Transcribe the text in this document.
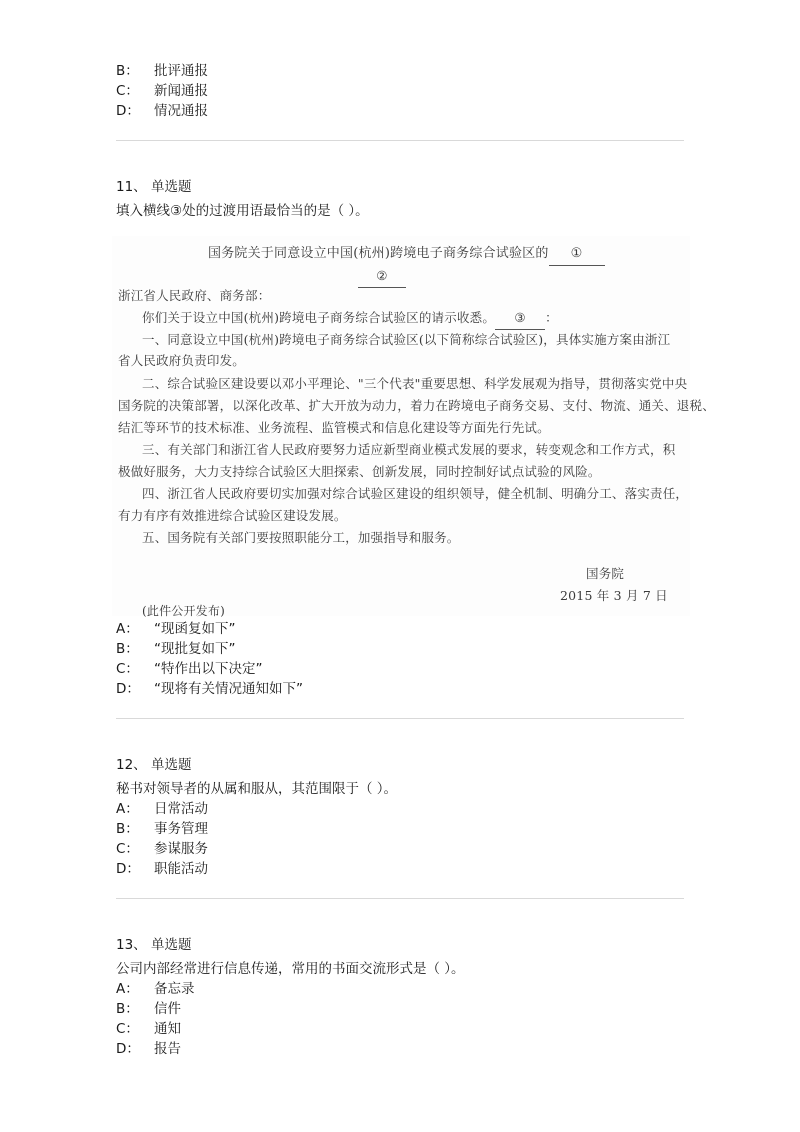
B： 批评通报
C： 新闻通报
D： 情况通报
11、 单选题
填入横线③处的过渡用语最恰当的是（ ）。
国务院关于同意设立中国(杭州)跨境电子商务综合试验区的 ①
②
浙江省人民政府、商务部：
你们关于设立中国(杭州)跨境电子商务综合试验区的请示收悉。 ③ ：
一、同意设立中国(杭州)跨境电子商务综合试验区(以下简称综合试验区)，具体实施方案由浙江
省人民政府负责印发。
二、综合试验区建设要以邓小平理论、"三个代表"重要思想、科学发展观为指导，贯彻落实党中央
国务院的决策部署，以深化改革、扩大开放为动力，着力在跨境电子商务交易、支付、物流、通关、退税、
结汇等环节的技术标准、业务流程、监管模式和信息化建设等方面先行先试。
三、有关部门和浙江省人民政府要努力适应新型商业模式发展的要求，转变观念和工作方式，积
极做好服务，大力支持综合试验区大胆探索、创新发展，同时控制好试点试验的风险。
四、浙江省人民政府要切实加强对综合试验区建设的组织领导，健全机制、明确分工、落实责任，
有力有序有效推进综合试验区建设发展。
五、国务院有关部门要按照职能分工，加强指导和服务。
国务院
2015 年 3 月 7 日
(此件公开发布)
A： “现函复如下”
B： “现批复如下”
C： “特作出以下决定”
D： “现将有关情况通知如下”
12、 单选题
秘书对领导者的从属和服从，其范围限于（ ）。
A： 日常活动
B： 事务管理
C： 参谋服务
D： 职能活动
13、 单选题
公司内部经常进行信息传递，常用的书面交流形式是（ ）。
A： 备忘录
B： 信件
C： 通知
D： 报告
